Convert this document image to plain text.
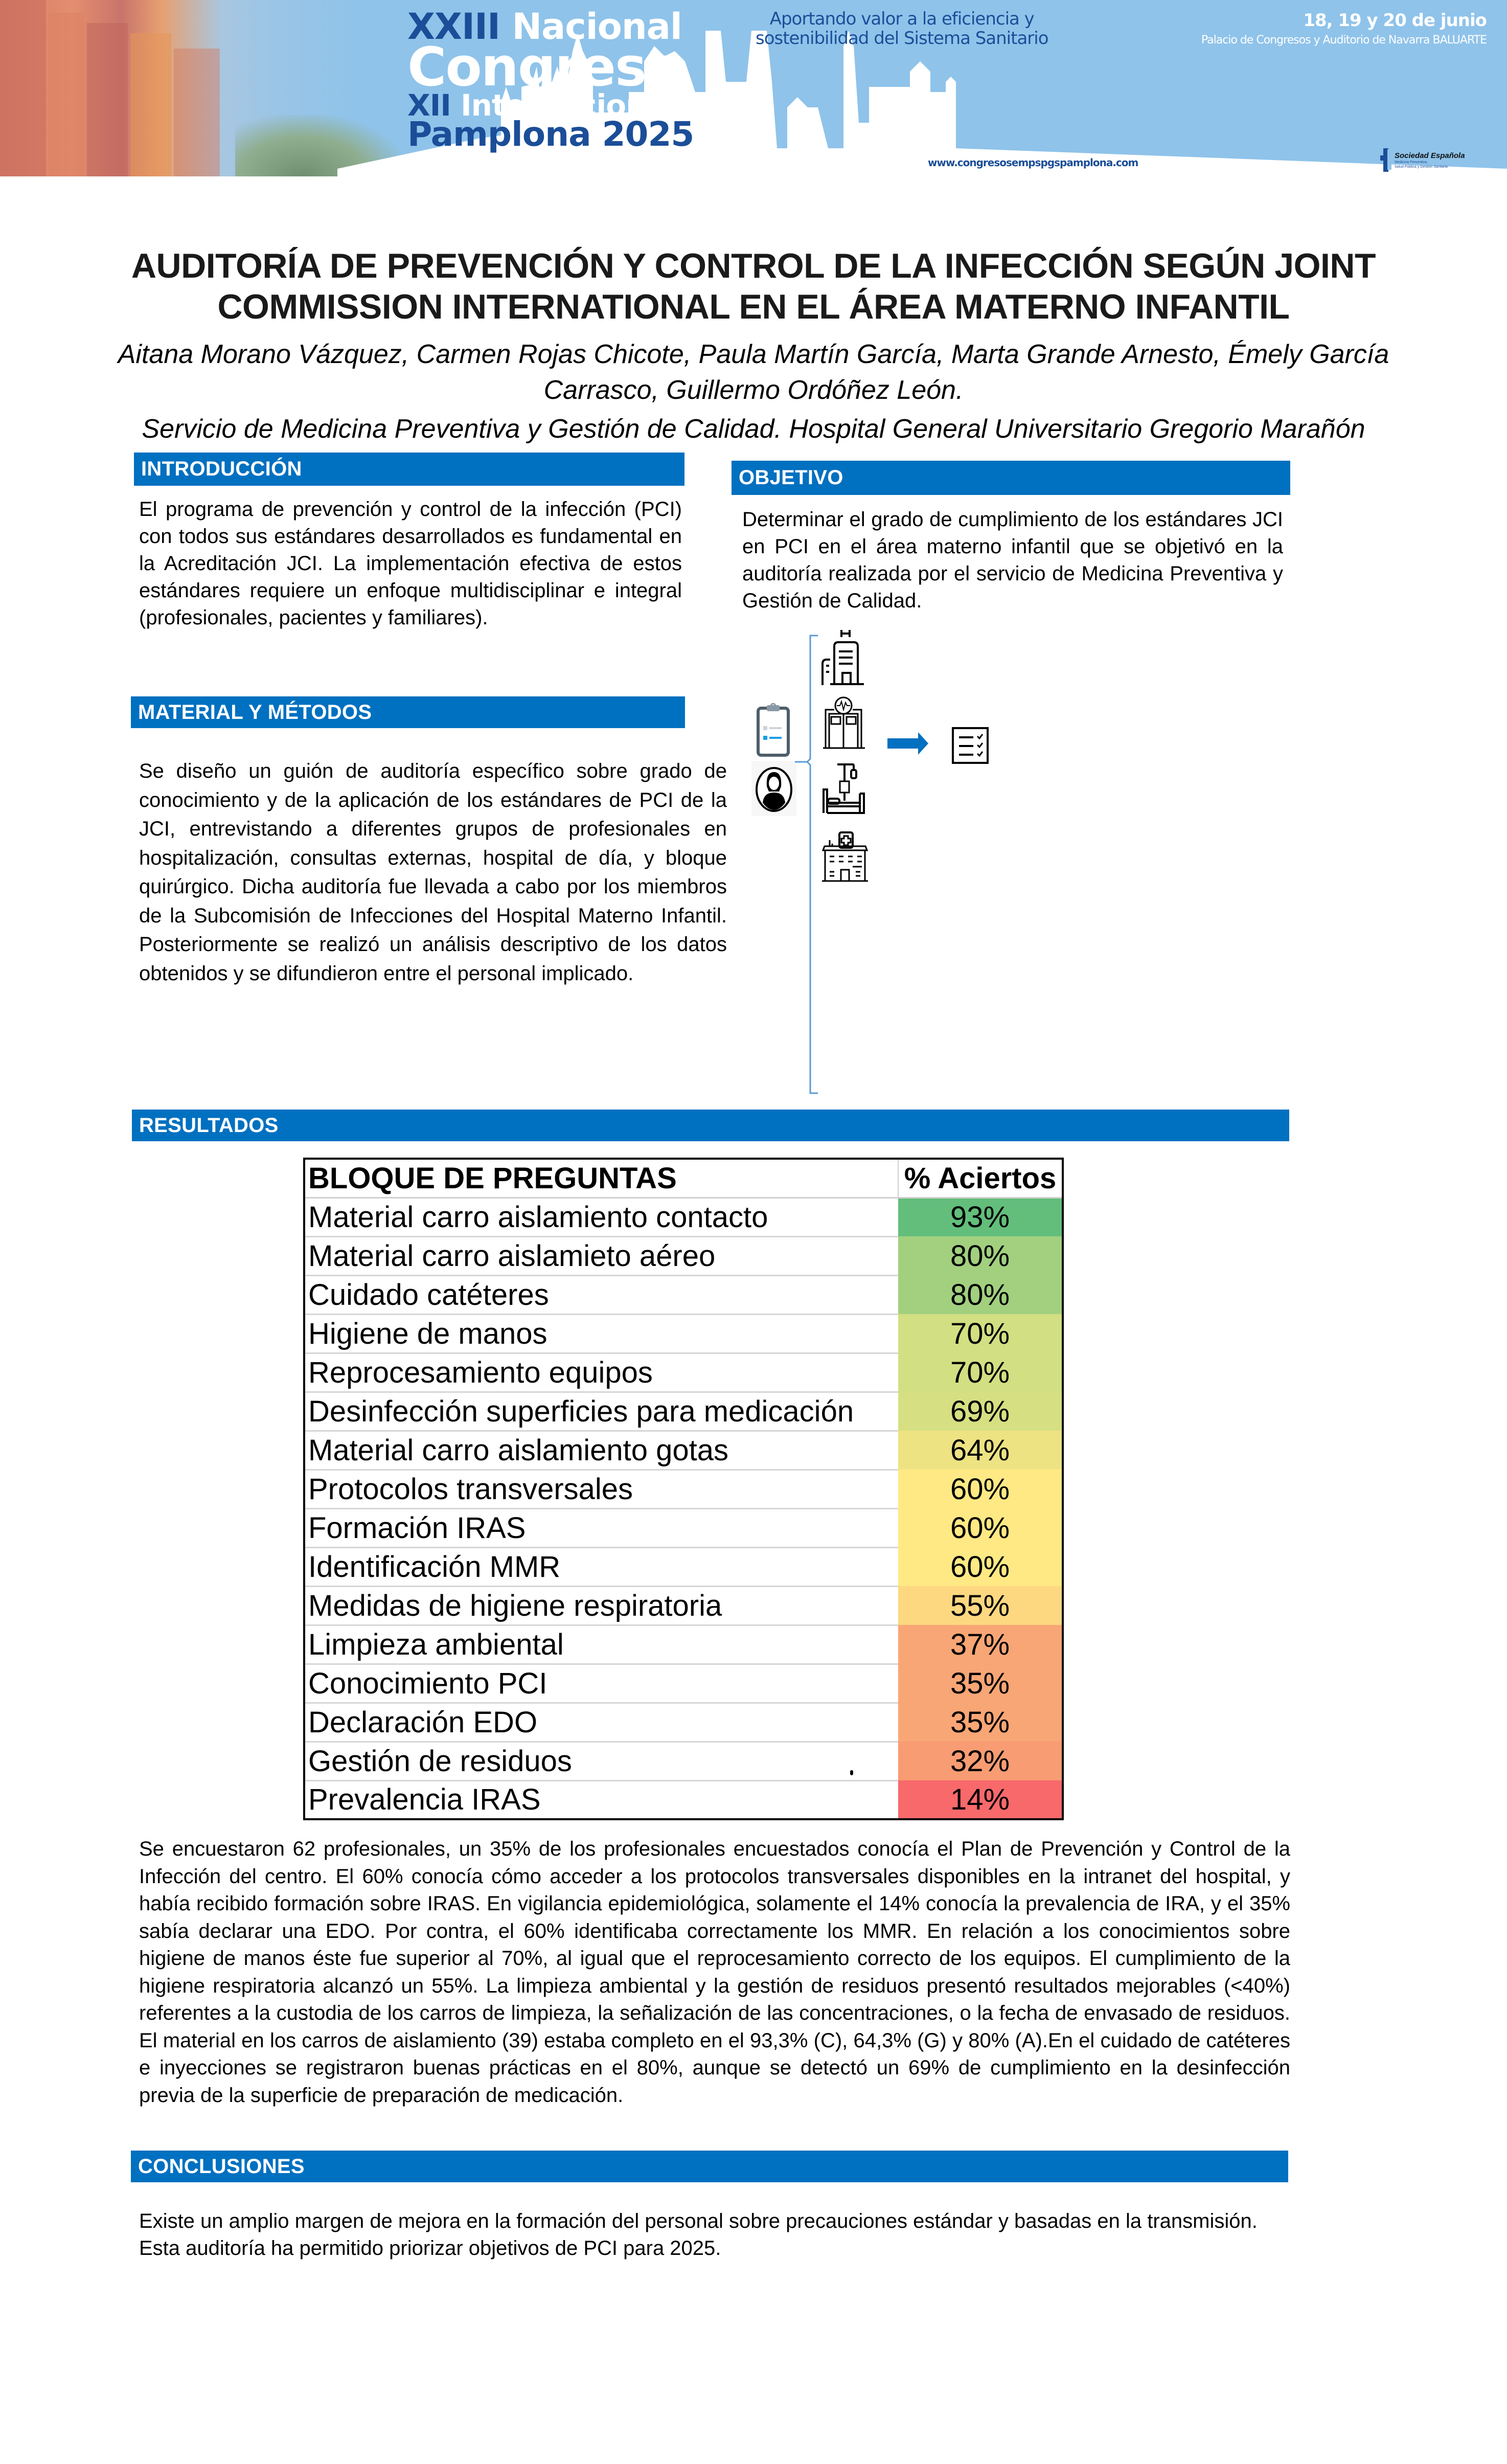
XXIII Nacional
Congreso
XII Internacional
Pamplona 2025
Aportando valor a la eficiencia y
sostenibilidad del Sistema Sanitario
18, 19 y 20 de junio
Palacio de Congresos y Auditorio de Navarra BALUARTE
www.congresosempspgspamplona.com
Sociedad Española
Medicina Preventiva,
Salud Pública y Gestión Sanitaria
AUDITORÍA DE PREVENCIÓN Y CONTROL DE LA INFECCIÓN SEGÚN JOINT
COMMISSION INTERNATIONAL EN EL ÁREA MATERNO INFANTIL
Aitana Morano Vázquez, Carmen Rojas Chicote, Paula Martín García, Marta Grande Arnesto, Émely García Carrasco, Guillermo Ordóñez León.
Servicio de Medicina Preventiva y Gestión de Calidad. Hospital General Universitario Gregorio Marañón
INTRODUCCIÓN
El programa de prevención y control de la infección (PCI) con todos sus estándares desarrollados es fundamental en la Acreditación JCI. La implementación efectiva de estos estándares requiere un enfoque multidisciplinar e integral (profesionales, pacientes y familiares).
OBJETIVO
Determinar el grado de cumplimiento de los estándares JCI en PCI en el área materno infantil que se objetivó en la auditoría realizada por el servicio de Medicina Preventiva y Gestión de Calidad.
MATERIAL Y MÉTODOS
Se diseño un guión de auditoría específico sobre grado de conocimiento y de la aplicación de los estándares de PCI de la JCI, entrevistando a diferentes grupos de profesionales en hospitalización, consultas externas, hospital de día, y bloque quirúrgico. Dicha auditoría fue llevada a cabo por los miembros de la Subcomisión de Infecciones del Hospital Materno Infantil. Posteriormente se realizó un análisis descriptivo de los datos obtenidos y se difundieron entre el personal implicado.
RESULTADOS
BLOQUE DE PREGUNTAS	% Aciertos
Material carro aislamiento contacto	93%
Material carro aislamieto aéreo	80%
Cuidado catéteres	80%
Higiene de manos	70%
Reprocesamiento equipos	70%
Desinfección superficies para medicación	69%
Material carro aislamiento gotas	64%
Protocolos transversales	60%
Formación IRAS	60%
Identificación MMR	60%
Medidas de higiene respiratoria	55%
Limpieza ambiental	37%
Conocimiento PCI	35%
Declaración EDO	35%
Gestión de residuos	32%
Prevalencia IRAS	14%
Se encuestaron 62 profesionales, un 35% de los profesionales encuestados conocía el Plan de Prevención y Control de la Infección del centro. El 60% conocía cómo acceder a los protocolos transversales disponibles en la intranet del hospital, y había recibido formación sobre IRAS. En vigilancia epidemiológica, solamente el 14% conocía la prevalencia de IRA, y el 35% sabía declarar una EDO. Por contra, el 60% identificaba correctamente los MMR. En relación a los conocimientos sobre higiene de manos éste fue superior al 70%, al igual que el reprocesamiento correcto de los equipos. El cumplimiento de la higiene respiratoria alcanzó un 55%. La limpieza ambiental y la gestión de residuos presentó resultados mejorables (<40%) referentes a la custodia de los carros de limpieza, la señalización de las concentraciones, o la fecha de envasado de residuos. El material en los carros de aislamiento (39) estaba completo en el 93,3% (C), 64,3% (G) y 80% (A).En el cuidado de catéteres e inyecciones se registraron buenas prácticas en el 80%, aunque se detectó un 69% de cumplimiento en la desinfección previa de la superficie de preparación de medicación.
CONCLUSIONES
Existe un amplio margen de mejora en la formación del personal sobre precauciones estándar y basadas en la transmisión. Esta auditoría ha permitido priorizar objetivos de PCI para 2025.
